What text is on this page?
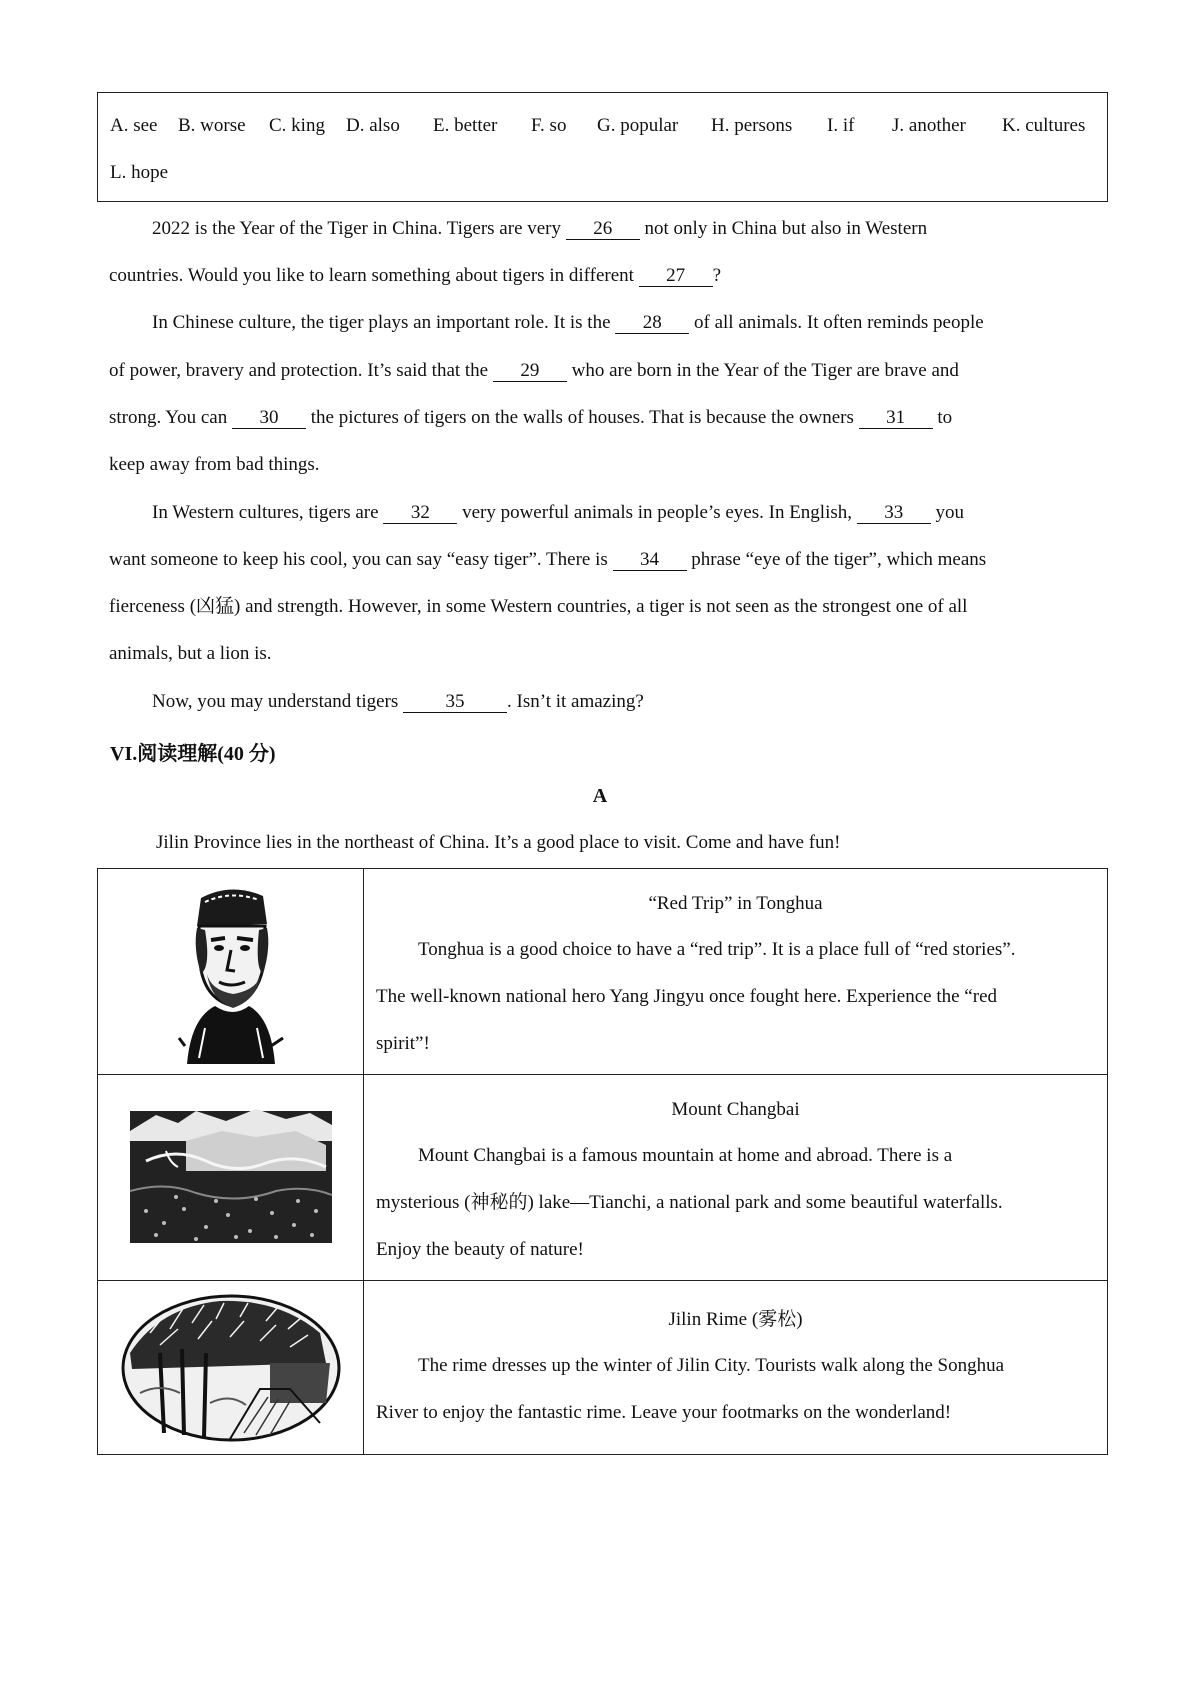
A. see B. worse C. king D. also E. better F. so G. popular H. persons I. if J. another K. cultures
L. hope
2022 is the Year of the Tiger in China. Tigers are very 26 not only in China but also in Western
countries. Would you like to learn something about tigers in different 27 ?
In Chinese culture, the tiger plays an important role. It is the 28 of all animals. It often reminds people
of power, bravery and protection. It’s said that the 29 who are born in the Year of the Tiger are brave and
strong. You can 30 the pictures of tigers on the walls of houses. That is because the owners 31 to
keep away from bad things.
In Western cultures, tigers are 32 very powerful animals in people’s eyes. In English, 33 you
want someone to keep his cool, you can say “easy tiger”. There is 34 phrase “eye of the tiger”, which means
fierceness (凶猛) and strength. However, in some Western countries, a tiger is not seen as the strongest one of all
animals, but a lion is.
Now, you may understand tigers 35 . Isn’t it amazing?
VI.阅读理解(40 分)
A
Jilin Province lies in the northeast of China. It’s a good place to visit. Come and have fun!

“Red Trip” in Tonghua
Tonghua is a good choice to have a “red trip”. It is a place full of “red stories”.
The well-known national hero Yang Jingyu once fought here. Experience the “red
spirit”!

Mount Changbai
Mount Changbai is a famous mountain at home and abroad. There is a
mysterious (神秘的) lake—Tianchi, a national park and some beautiful waterfalls.
Enjoy the beauty of nature!

Jilin Rime (雾松)
The rime dresses up the winter of Jilin City. Tourists walk along the Songhua
River to enjoy the fantastic rime. Leave your footmarks on the wonderland!
